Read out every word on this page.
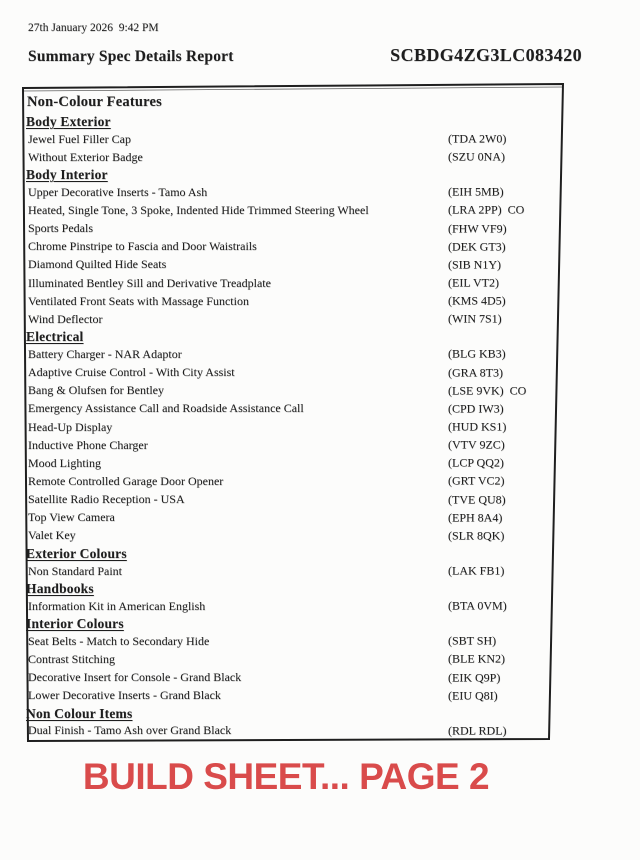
27th January 2026  9:42 PM
Summary Spec Details Report	SCBDG4ZG3LC083420
Non-Colour Features
Body Exterior
Jewel Fuel Filler Cap	(TDA 2W0)
Without Exterior Badge	(SZU 0NA)
Body Interior
Upper Decorative Inserts - Tamo Ash	(EIH 5MB)
Heated, Single Tone, 3 Spoke, Indented Hide Trimmed Steering Wheel	(LRA 2PP)  CO
Sports Pedals	(FHW VF9)
Chrome Pinstripe to Fascia and Door Waistrails	(DEK GT3)
Diamond Quilted Hide Seats	(SIB N1Y)
Illuminated Bentley Sill and Derivative Treadplate	(EIL VT2)
Ventilated Front Seats with Massage Function	(KMS 4D5)
Wind Deflector	(WIN 7S1)
Electrical
Battery Charger - NAR Adaptor	(BLG KB3)
Adaptive Cruise Control - With City Assist	(GRA 8T3)
Bang & Olufsen for Bentley	(LSE 9VK)  CO
Emergency Assistance Call and Roadside Assistance Call	(CPD IW3)
Head-Up Display	(HUD KS1)
Inductive Phone Charger	(VTV 9ZC)
Mood Lighting	(LCP QQ2)
Remote Controlled Garage Door Opener	(GRT VC2)
Satellite Radio Reception - USA	(TVE QU8)
Top View Camera	(EPH 8A4)
Valet Key	(SLR 8QK)
Exterior Colours
Non Standard Paint	(LAK FB1)
Handbooks
Information Kit in American English	(BTA 0VM)
Interior Colours
Seat Belts - Match to Secondary Hide	(SBT SH)
Contrast Stitching	(BLE KN2)
Decorative Insert for Console - Grand Black	(EIK Q9P)
Lower Decorative Inserts - Grand Black	(EIU Q8I)
Non Colour Items
Dual Finish - Tamo Ash over Grand Black	(RDL RDL)
BUILD SHEET... PAGE 2
